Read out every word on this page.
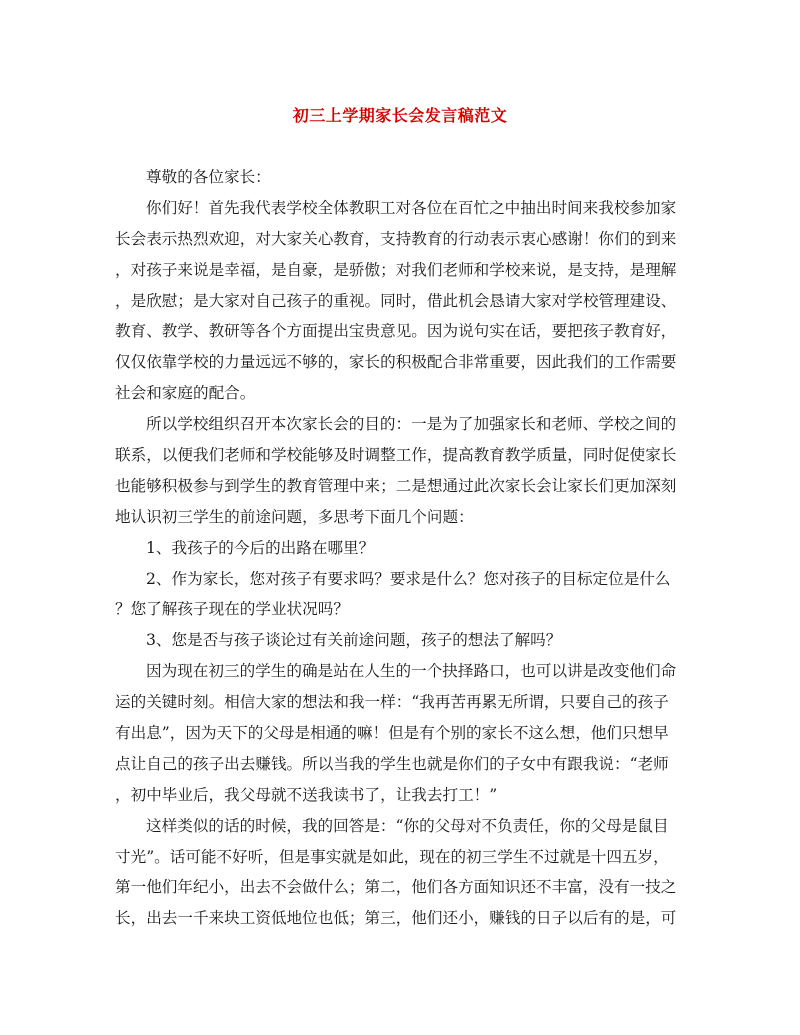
初三上学期家长会发言稿范文
尊敬的各位家长：
你们好！首先我代表学校全体教职工对各位在百忙之中抽出时间来我校参加家
长会表示热烈欢迎，对大家关心教育，支持教育的行动表示衷心感谢！你们的到来
，对孩子来说是幸福，是自豪，是骄傲；对我们老师和学校来说，是支持，是理解
，是欣慰；是大家对自己孩子的重视。同时，借此机会恳请大家对学校管理建设、
教育、教学、教研等各个方面提出宝贵意见。因为说句实在话，要把孩子教育好，
仅仅依靠学校的力量远远不够的，家长的积极配合非常重要，因此我们的工作需要
社会和家庭的配合。
所以学校组织召开本次家长会的目的：一是为了加强家长和老师、学校之间的
联系，以便我们老师和学校能够及时调整工作，提高教育教学质量，同时促使家长
也能够积极参与到学生的教育管理中来；二是想通过此次家长会让家长们更加深刻
地认识初三学生的前途问题，多思考下面几个问题：
1、我孩子的今后的出路在哪里？
2、作为家长，您对孩子有要求吗？要求是什么？您对孩子的目标定位是什么
？您了解孩子现在的学业状况吗？
3、您是否与孩子谈论过有关前途问题，孩子的想法了解吗？
因为现在初三的学生的确是站在人生的一个抉择路口，也可以讲是改变他们命
运的关键时刻。相信大家的想法和我一样：“我再苦再累无所谓，只要自己的孩子
有出息”，因为天下的父母是相通的嘛！但是有个别的家长不这么想，他们只想早
点让自己的孩子出去赚钱。所以当我的学生也就是你们的子女中有跟我说：“老师
，初中毕业后，我父母就不送我读书了，让我去打工！”
这样类似的话的时候，我的回答是：“你的父母对不负责任，你的父母是鼠目
寸光”。话可能不好听，但是事实就是如此，现在的初三学生不过就是十四五岁，
第一他们年纪小，出去不会做什么；第二，他们各方面知识还不丰富，没有一技之
长，出去一千来块工资低地位也低；第三，他们还小，赚钱的日子以后有的是，可
